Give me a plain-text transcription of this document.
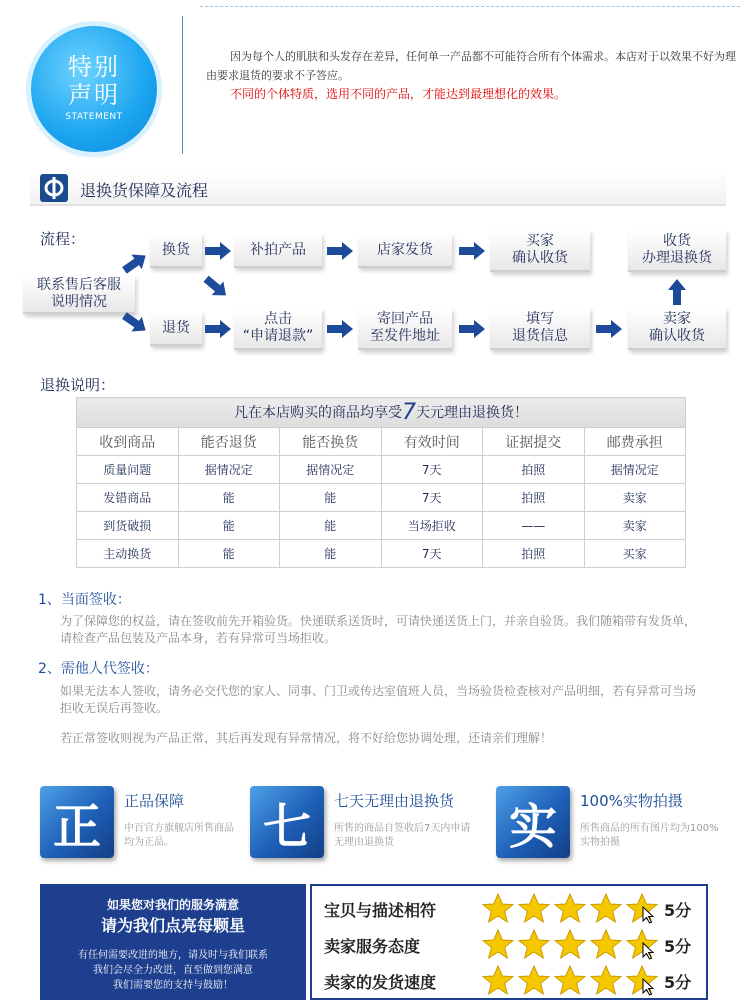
特别
声明
STATEMENT
因为每个人的肌肤和头发存在差异，任何单一产品都不可能符合所有个体需求。本店对于以效果不好为理由要求退货的要求不予答应。
不同的个体特质，选用不同的产品，才能达到最理想化的效果。
退换货保障及流程
流程：
联系售后客服
说明情况
换货	补拍产品	店家发货
买家
确认收货
收货
办理退换货
退货
点击
“申请退款”
寄回产品
至发件地址
填写
退货信息
卖家
确认收货
退换说明：
凡在本店购买的商品均享受7天元理由退换货！					
收到商品	能否退货	能否换货	有效时间	证据提交	邮费承担
质量问题	据情况定	据情况定	7天	拍照	据情况定
发错商品	能	能	7天	拍照	卖家
到货破损	能	能	当场拒收	——	卖家
主动换货	能	能	7天	拍照	买家
1、当面签收：
为了保障您的权益，请在签收前先开箱验货。快递联系送货时，可请快递送货上门，并亲自验货。我们随箱带有发货单，请检查产品包装及产品本身，若有异常可当场拒收。
2、需他人代签收：
如果无法本人签收，请务必交代您的家人、同事、门卫或传达室值班人员，当场验货检查核对产品明细，若有异常可当场拒收无误后再签收。
若正常签收则视为产品正常，其后再发现有异常情况，将不好给您协调处理，还请亲们理解！
正	正品保障
中百官方旗舰店所售商品均为正品。	七	七天无理由退换货
所售的商品自签收后7天内申请无理由退换货	实	100%实物拍摄
所售商品的所有图片均为100%实物拍摄
如果您对我们的服务满意
请为我们点亮每颗星
有任何需要改进的地方，请及时与我们联系
我们会尽全力改进，直至做到您满意
我们需要您的支持与鼓励！
宝贝与描述相符	5分
卖家服务态度	5分
卖家的发货速度	5分
